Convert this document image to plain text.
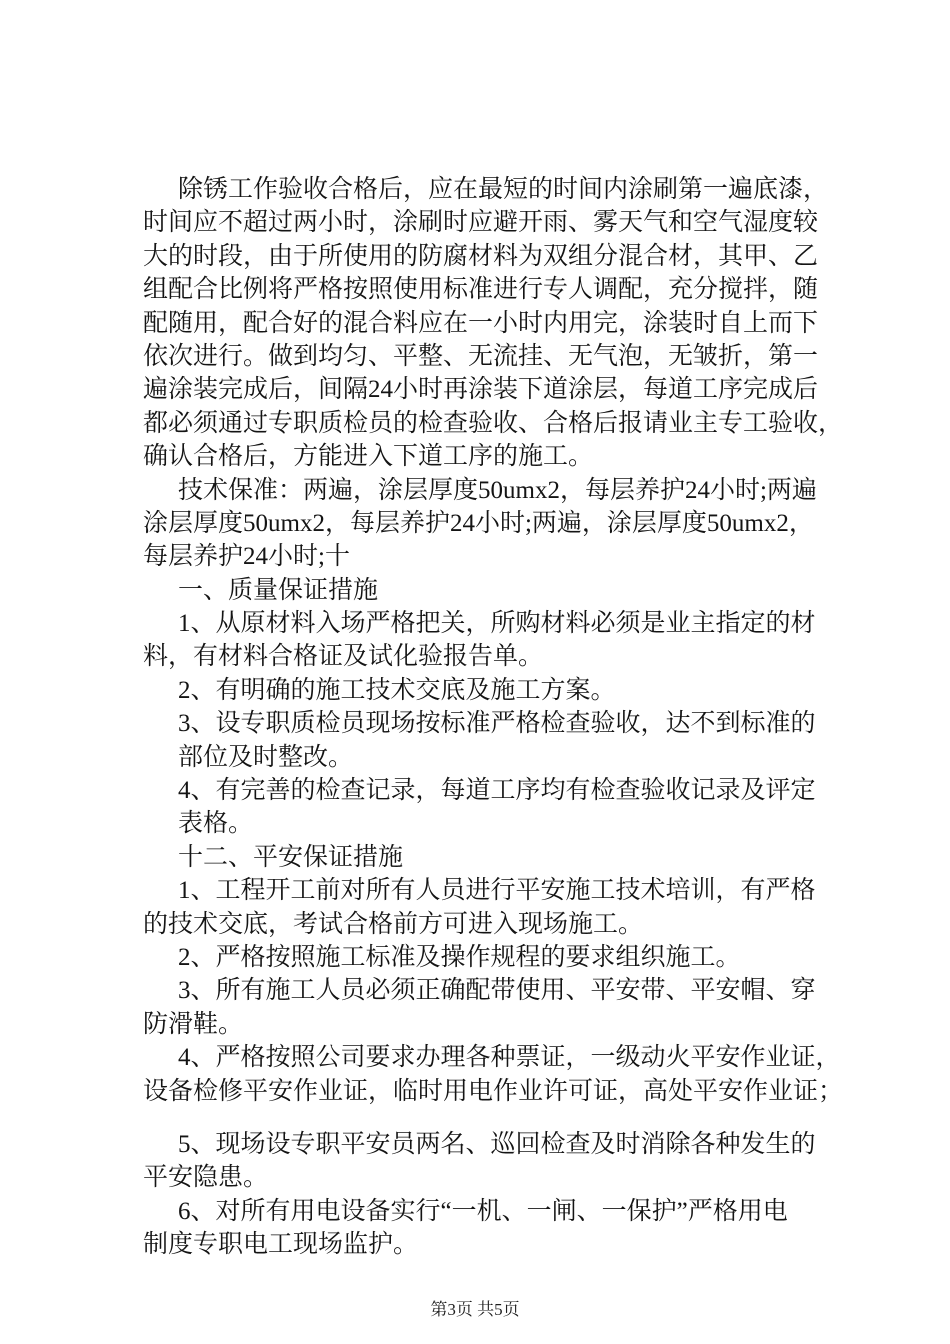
除锈工作验收合格后，应在最短的时间内涂刷第一遍底漆，
时间应不超过两小时，涂刷时应避开雨、雾天气和空气湿度较
大的时段，由于所使用的防腐材料为双组分混合材，其甲、乙
组配合比例将严格按照使用标准进行专人调配，充分搅拌，随
配随用，配合好的混合料应在一小时内用完，涂装时自上而下
依次进行。做到均匀、平整、无流挂、无气泡，无皱折，第一
遍涂装完成后，间隔24小时再涂装下道涂层，每道工序完成后
都必须通过专职质检员的检查验收、合格后报请业主专工验收，
确认合格后，方能进入下道工序的施工。
技术保准：两遍，涂层厚度50umx2，每层养护24小时;两遍
涂层厚度50umx2，每层养护24小时;两遍，涂层厚度50umx2，
每层养护24小时;十
一、质量保证措施
1、从原材料入场严格把关，所购材料必须是业主指定的材
料，有材料合格证及试化验报告单。
2、有明确的施工技术交底及施工方案。
3、设专职质检员现场按标准严格检查验收，达不到标准的
部位及时整改。
4、有完善的检查记录，每道工序均有检查验收记录及评定
表格。
十二、平安保证措施
1、工程开工前对所有人员进行平安施工技术培训，有严格
的技术交底，考试合格前方可进入现场施工。
2、严格按照施工标准及操作规程的要求组织施工。
3、所有施工人员必须正确配带使用、平安带、平安帽、穿
防滑鞋。
4、严格按照公司要求办理各种票证，一级动火平安作业证，
设备检修平安作业证，临时用电作业许可证，高处平安作业证；
5、现场设专职平安员两名、巡回检查及时消除各种发生的
平安隐患。
6、对所有用电设备实行“一机、一闸、一保护”严格用电
制度专职电工现场监护。
第3页 共5页
